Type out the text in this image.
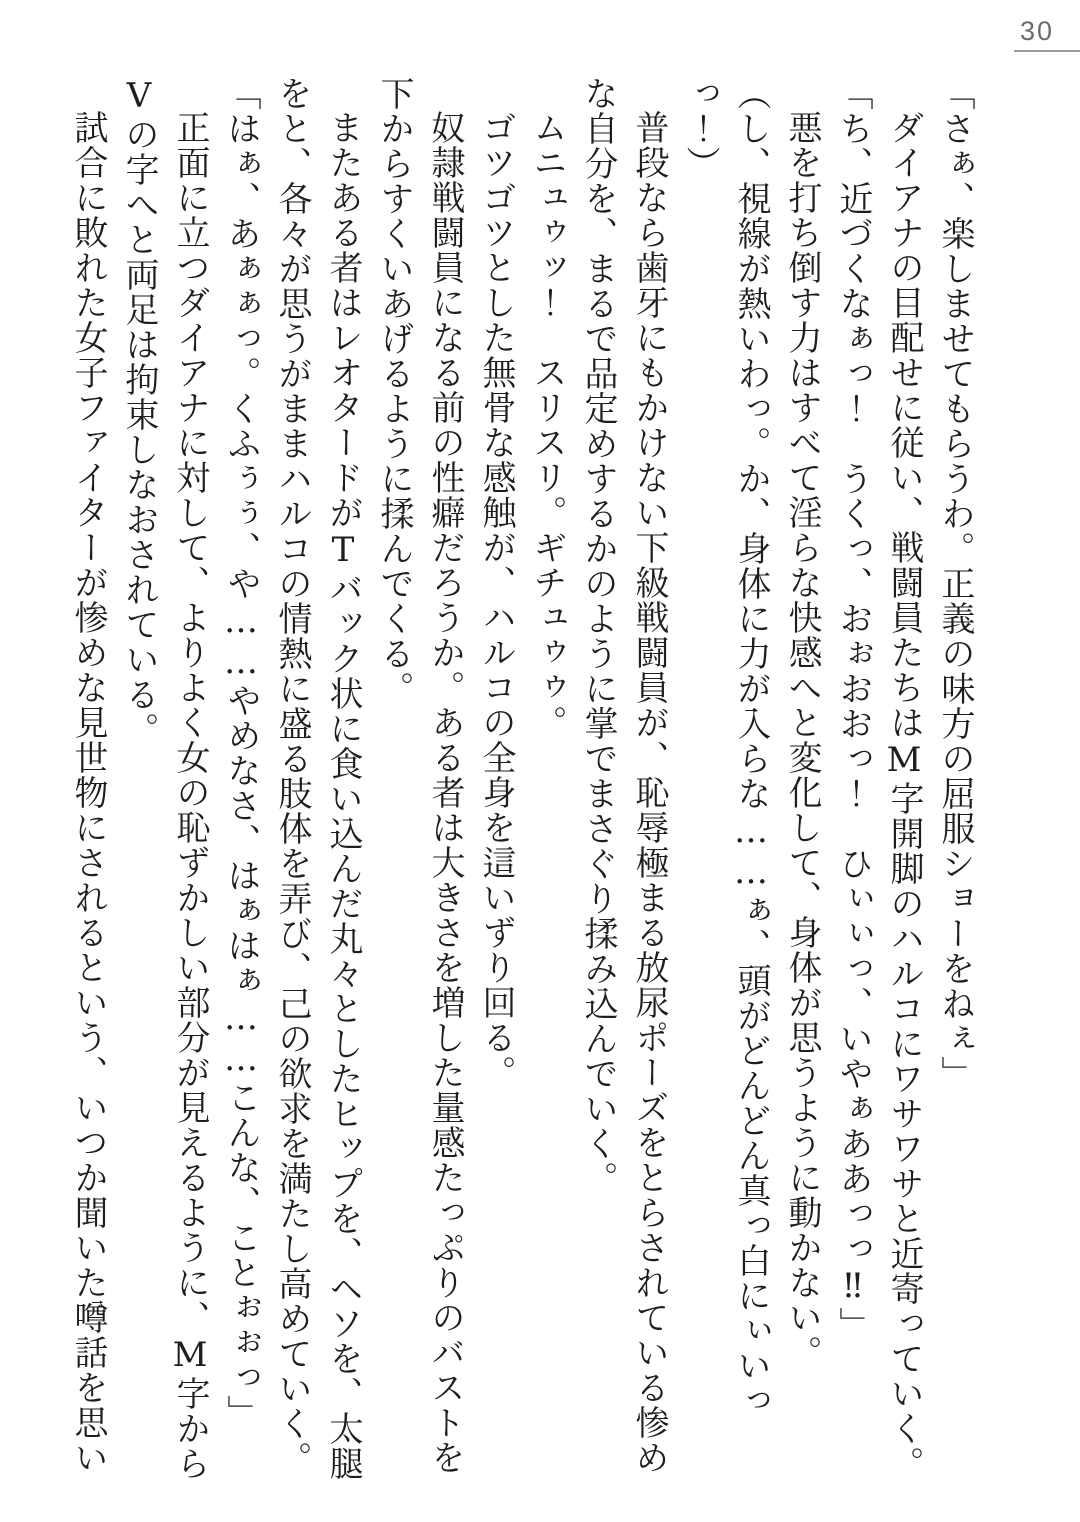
30

「さぁ、楽しませてもらうわ。正義の味方の屈服ショーをねぇ」

ダイアナの目配せに従い、戦闘員たちはM字開脚のハルコにワサワサと近寄っていく。

「ち、近づくなぁっ！　うくっ、おぉおおっ！　ひぃぃっ、いやぁああっっ‼」

悪を打ち倒す力はすべて淫らな快感へと変化して、身体が思うように動かない。

（し、視線が熱いわっ。か、身体に力が入らな……ぁ、頭がどんどん真っ白にぃいっっ！）

普段なら歯牙にもかけない下級戦闘員が、恥辱極まる放尿ポーズをとらされている惨め

な自分を、まるで品定めするかのように掌でまさぐり揉み込んでいく。

ムニュゥッ！　スリスリ。ギチュゥゥ。

ゴツゴツとした無骨な感触が、ハルコの全身を這いずり回る。

奴隷戦闘員になる前の性癖だろうか。ある者は大きさを増した量感たっぷりのバストを

下からすくいあげるように揉んでくる。

またある者はレオタードがTバック状に食い込んだ丸々としたヒップを、ヘソを、太腿

をと、各々が思うがままハルコの情熱に盛る肢体を弄び、己の欲求を満たし高めていく。

「はぁ、あぁぁっ。くふぅぅ、や……やめなさ、はぁはぁ……こんな、ことぉぉっ」

正面に立つダイアナに対して、よりよく女の恥ずかしい部分が見えるように、M字から

Vの字へと両足は拘束しなおされている。

試合に敗れた女子ファイターが惨めな見世物にされるという、いつか聞いた噂話を思い
